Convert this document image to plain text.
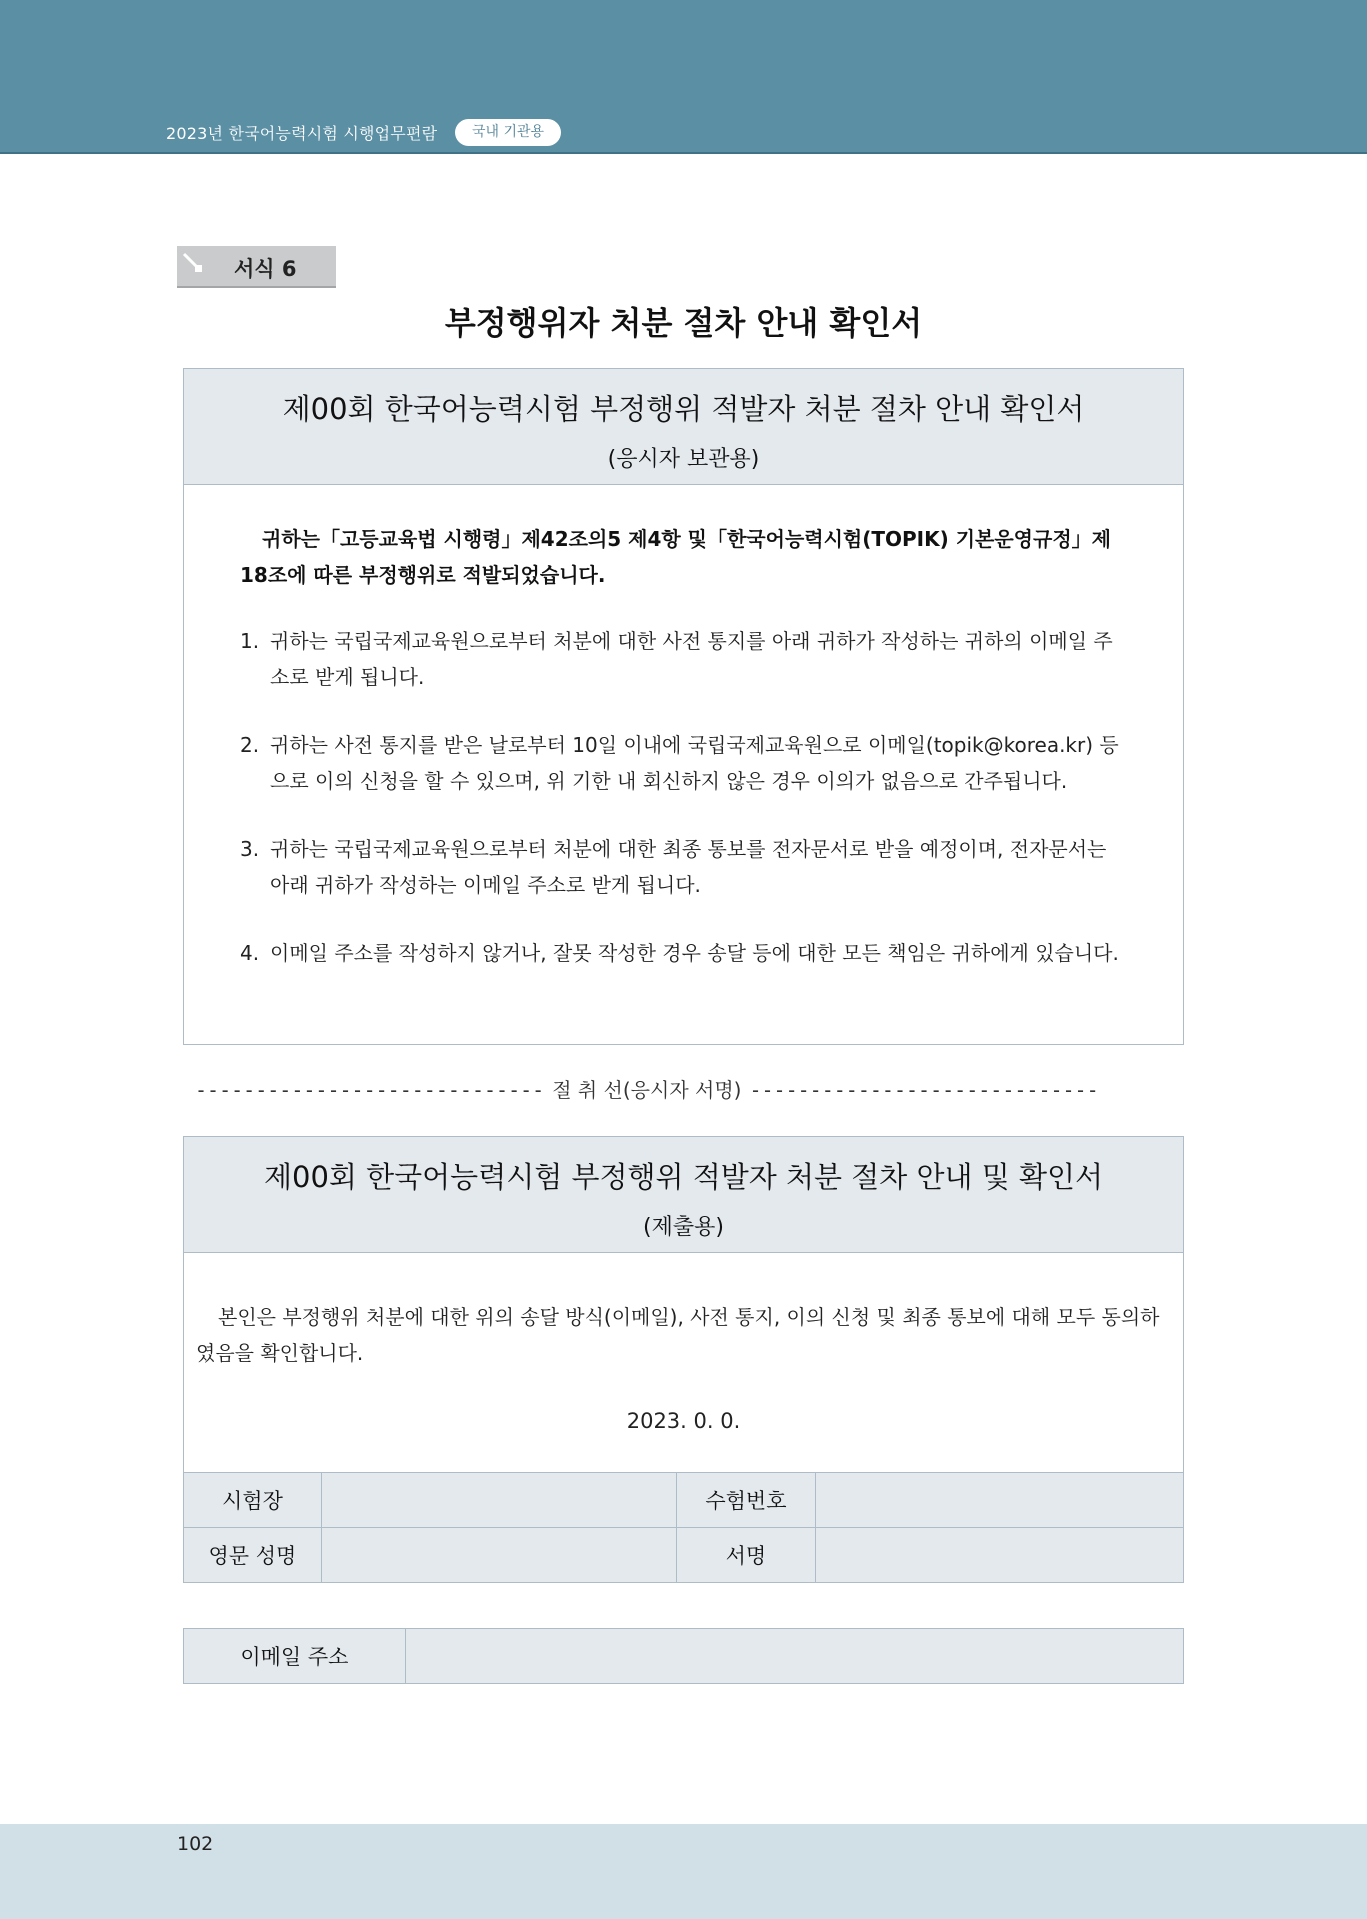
2023년 한국어능력시험 시행업무편람	국내 기관용
서식 6
부정행위자 처분 절차 안내 확인서
제00회 한국어능력시험 부정행위 적발자 처분 절차 안내 확인서
(응시자 보관용)
귀하는「고등교육법 시행령」제42조의5 제4항 및「한국어능력시험(TOPIK) 기본운영규정」제18조에 따른 부정행위로 적발되었습니다.
1. 귀하는 국립국제교육원으로부터 처분에 대한 사전 통지를 아래 귀하가 작성하는 귀하의 이메일 주소로 받게 됩니다.
2. 귀하는 사전 통지를 받은 날로부터 10일 이내에 국립국제교육원으로 이메일(topik@korea.kr) 등으로 이의 신청을 할 수 있으며, 위 기한 내 회신하지 않은 경우 이의가 없음으로 간주됩니다.
3. 귀하는 국립국제교육원으로부터 처분에 대한 최종 통보를 전자문서로 받을 예정이며, 전자문서는 아래 귀하가 작성하는 이메일 주소로 받게 됩니다.
4. 이메일 주소를 작성하지 않거나, 잘못 작성한 경우 송달 등에 대한 모든 책임은 귀하에게 있습니다.
----------------------------- 절 취 선(응시자 서명) -----------------------------
제00회 한국어능력시험 부정행위 적발자 처분 절차 안내 및 확인서
(제출용)
본인은 부정행위 처분에 대한 위의 송달 방식(이메일), 사전 통지, 이의 신청 및 최종 통보에 대해 모두 동의하였음을 확인합니다.
2023. 0. 0.
시험장		수험번호	
영문 성명		서명	
이메일 주소	
102
